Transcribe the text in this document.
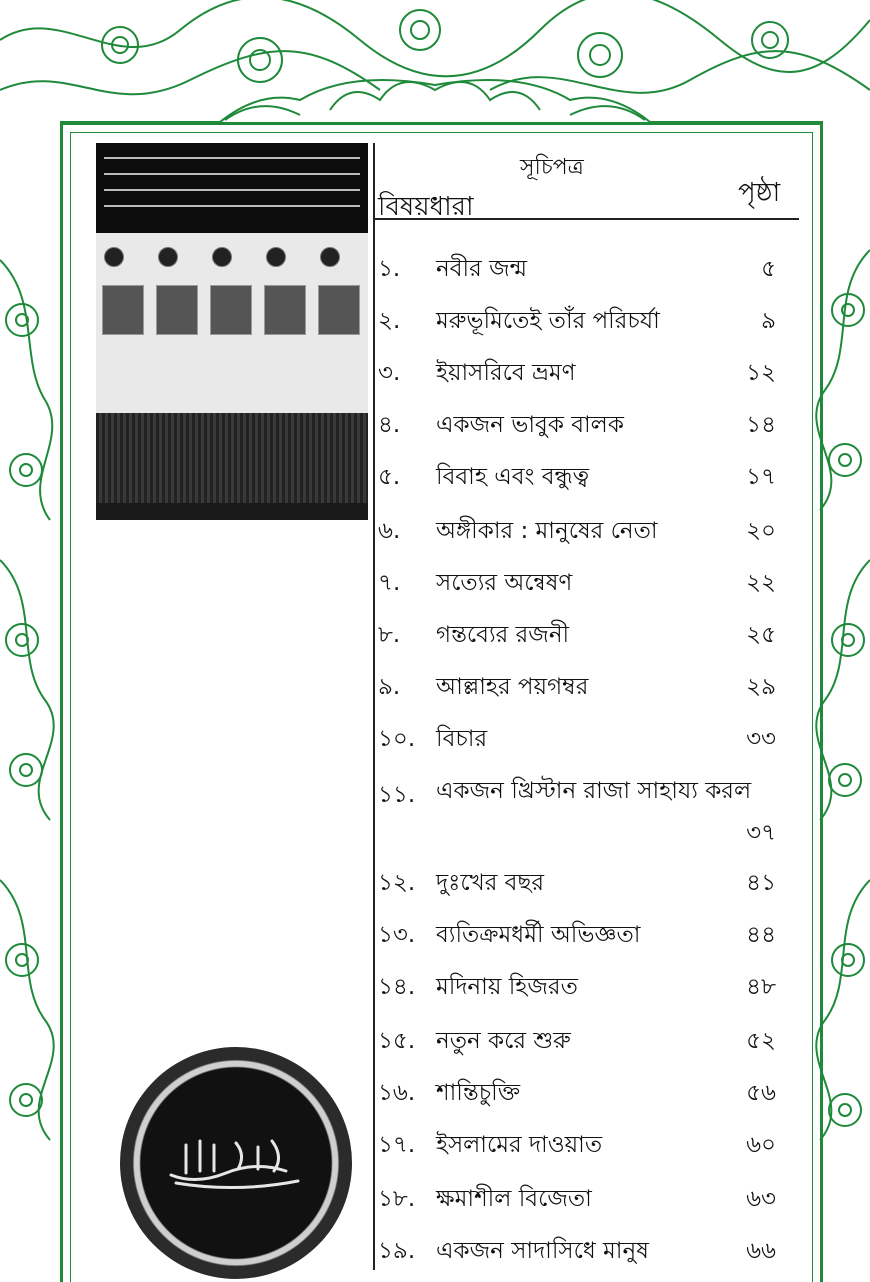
সূচিপত্র
বিষয়ধারা	পৃষ্ঠা
১. নবীর জন্ম	৫
২. মরুভূমিতেই তাঁর পরিচর্যা	৯
৩. ইয়াসরিবে ভ্রমণ	১২
৪. একজন ভাবুক বালক	১৪
৫. বিবাহ এবং বন্ধুত্ব	১৭
৬. অঙ্গীকার : মানুষের নেতা	২০
৭. সত্যের অন্বেষণ	২২
৮. গন্তব্যের রজনী	২৫
৯. আল্লাহর পয়গম্বর	২৯
১০. বিচার	৩৩
১১. একজন খ্রিস্টান রাজা সাহায্য করল
৩৭
১২. দুঃখের বছর	৪১
১৩. ব্যতিক্রমধর্মী অভিজ্ঞতা	৪৪
১৪. মদিনায় হিজরত	৪৮
১৫. নতুন করে শুরু	৫২
১৬. শান্তিচুক্তি	৫৬
১৭. ইসলামের দাওয়াত	৬০
১৮. ক্ষমাশীল বিজেতা	৬৩
১৯. একজন সাদাসিধে মানুষ	৬৬
